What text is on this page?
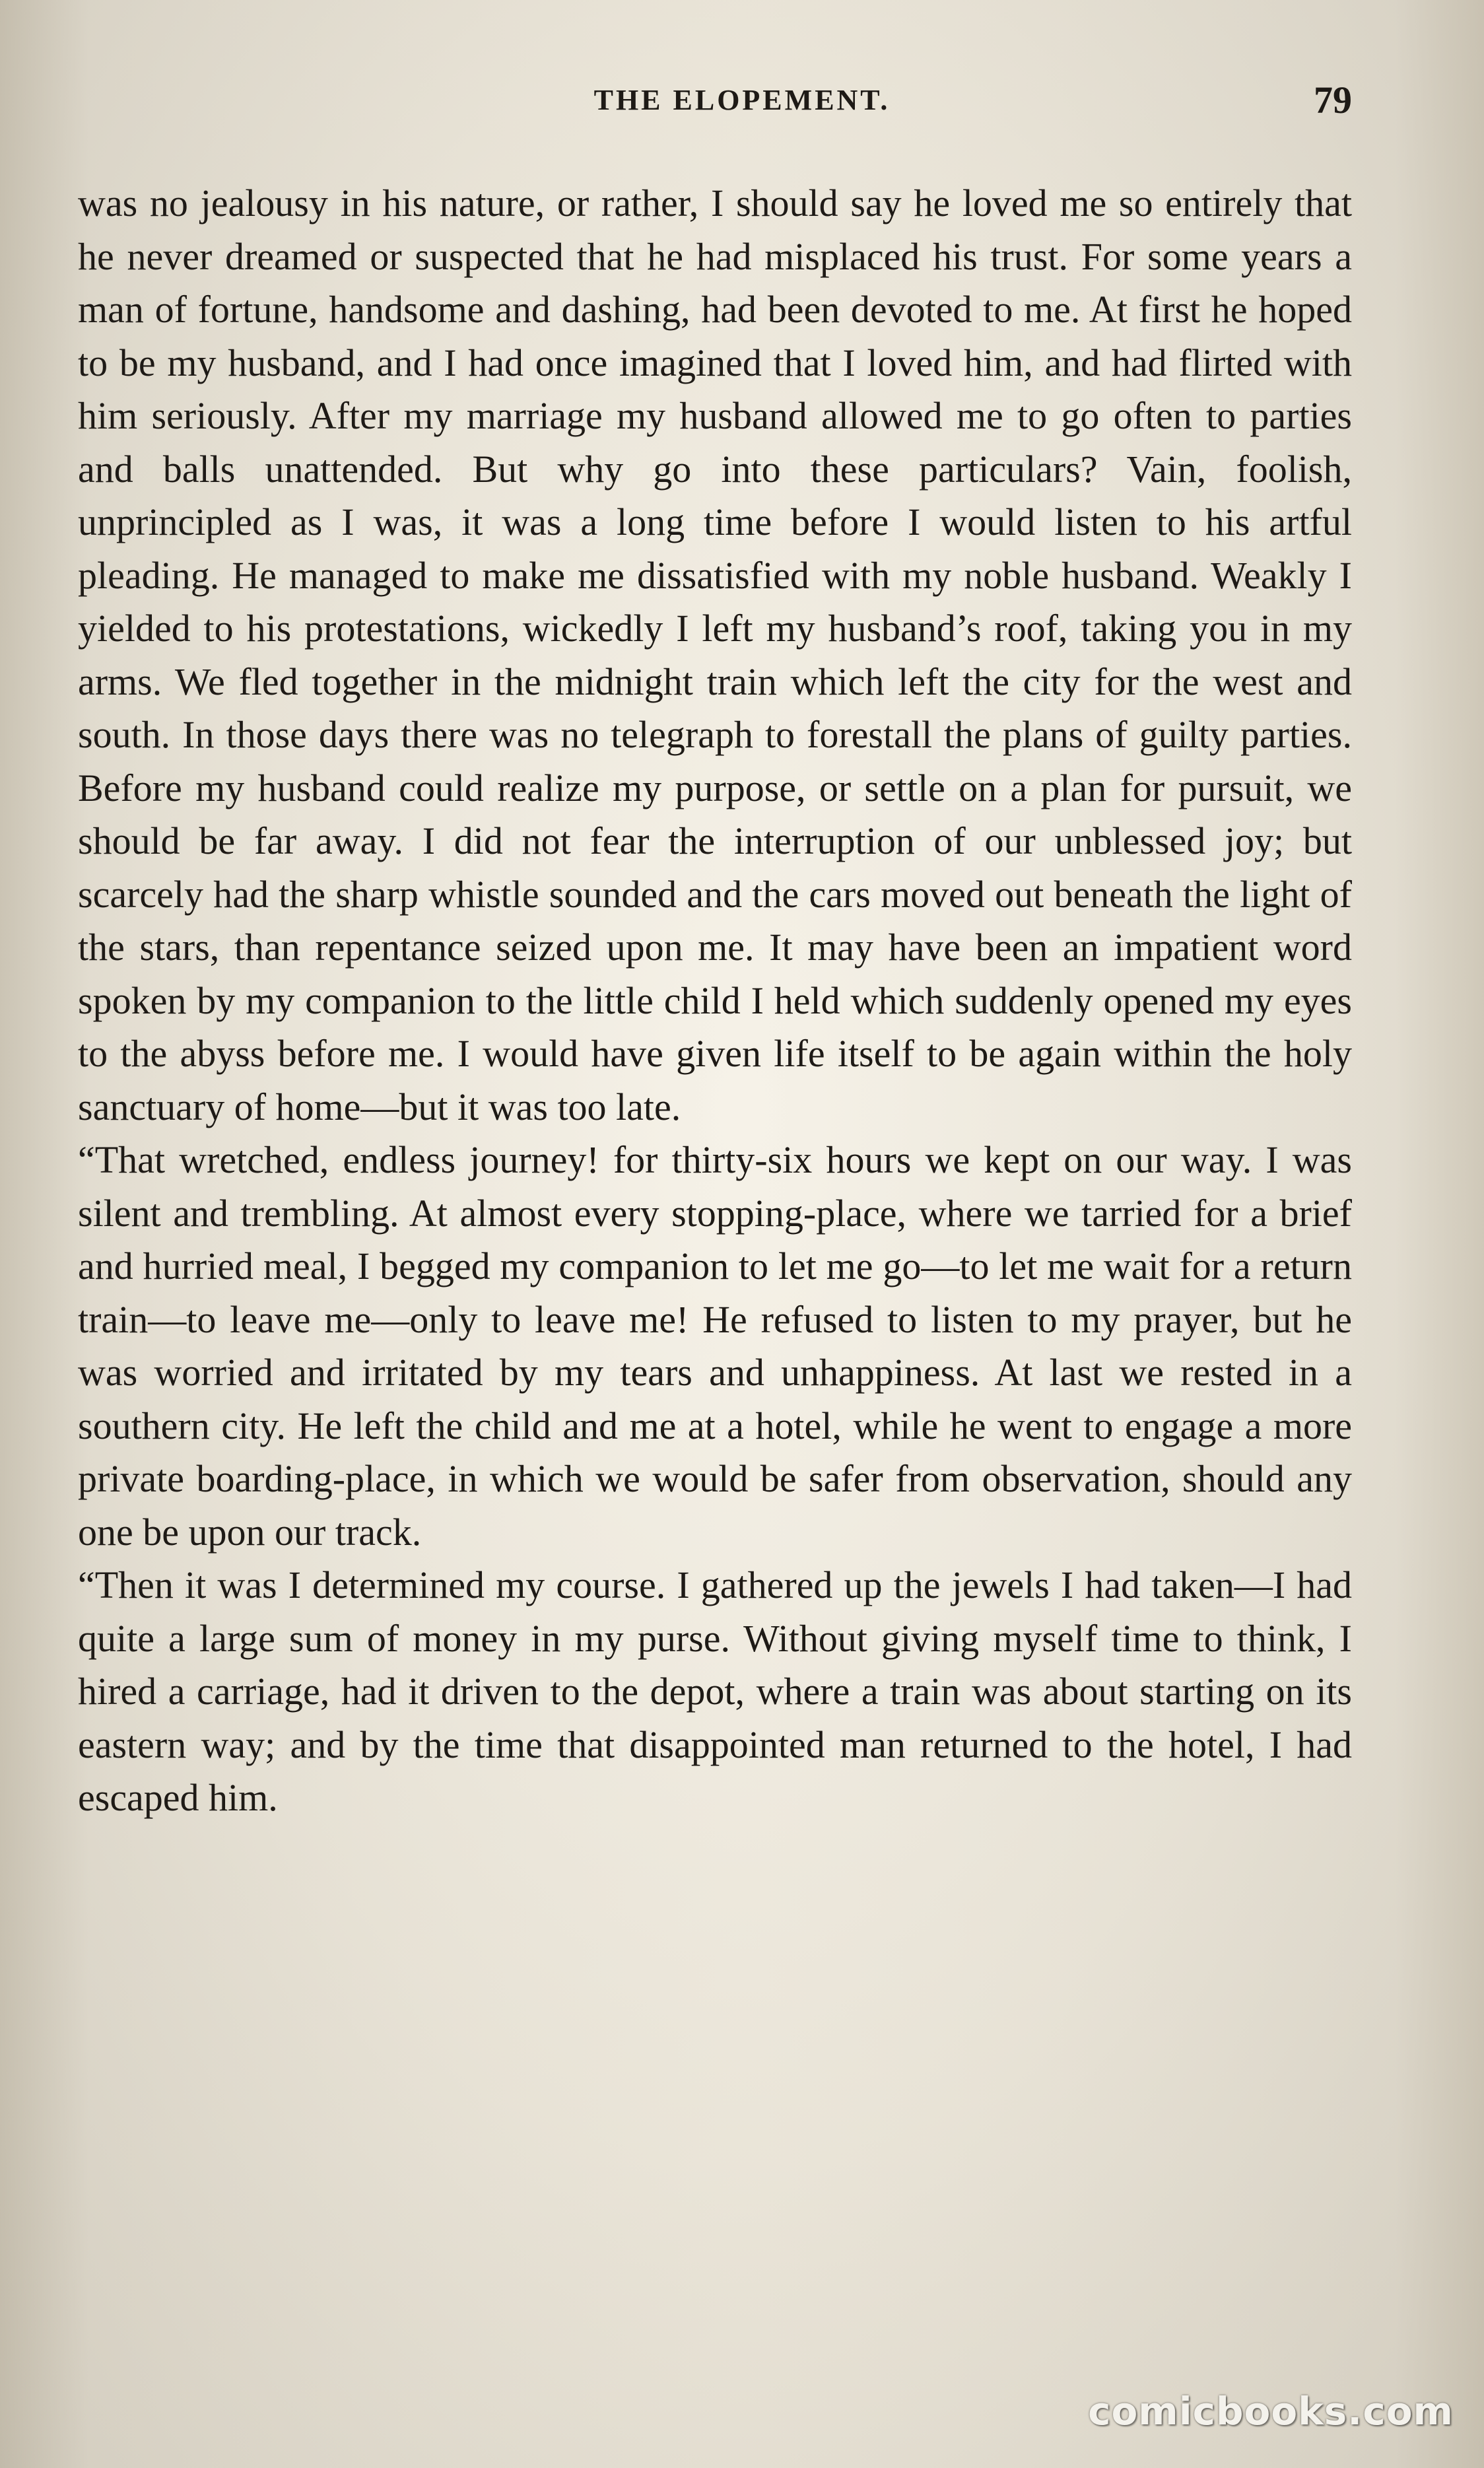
THE ELOPEMENT.	79

was no jealousy in his nature, or rather, I should say he loved me so entirely that he never dreamed or suspected that he had misplaced his trust. For some years a man of fortune, handsome and dashing, had been devoted to me. At first he hoped to be my husband, and I had once imagined that I loved him, and had flirted with him seriously. After my marriage my husband allowed me to go often to parties and balls unattended. But why go into these particulars? Vain, foolish, unprincipled as I was, it was a long time before I would listen to his artful pleading. He managed to make me dissatisfied with my noble husband. Weakly I yielded to his protestations, wickedly I left my husband’s roof, taking you in my arms. We fled together in the midnight train which left the city for the west and south. In those days there was no telegraph to forestall the plans of guilty parties. Before my husband could realize my purpose, or settle on a plan for pursuit, we should be far away. I did not fear the interruption of our unblessed joy; but scarcely had the sharp whistle sounded and the cars moved out beneath the light of the stars, than repentance seized upon me. It may have been an impatient word spoken by my companion to the little child I held which suddenly opened my eyes to the abyss before me. I would have given life itself to be again within the holy sanctuary of home—but it was too late.

“That wretched, endless journey! for thirty-six hours we kept on our way. I was silent and trembling. At almost every stopping-place, where we tarried for a brief and hurried meal, I begged my companion to let me go—to let me wait for a return train—to leave me—only to leave me! He refused to listen to my prayer, but he was worried and irritated by my tears and unhappiness. At last we rested in a southern city. He left the child and me at a hotel, while he went to engage a more private boarding-place, in which we would be safer from observation, should any one be upon our track.

“Then it was I determined my course. I gathered up the jewels I had taken—I had quite a large sum of money in my purse. Without giving myself time to think, I hired a carriage, had it driven to the depot, where a train was about starting on its eastern way; and by the time that disappointed man returned to the hotel, I had escaped him.

comicbooks.com
